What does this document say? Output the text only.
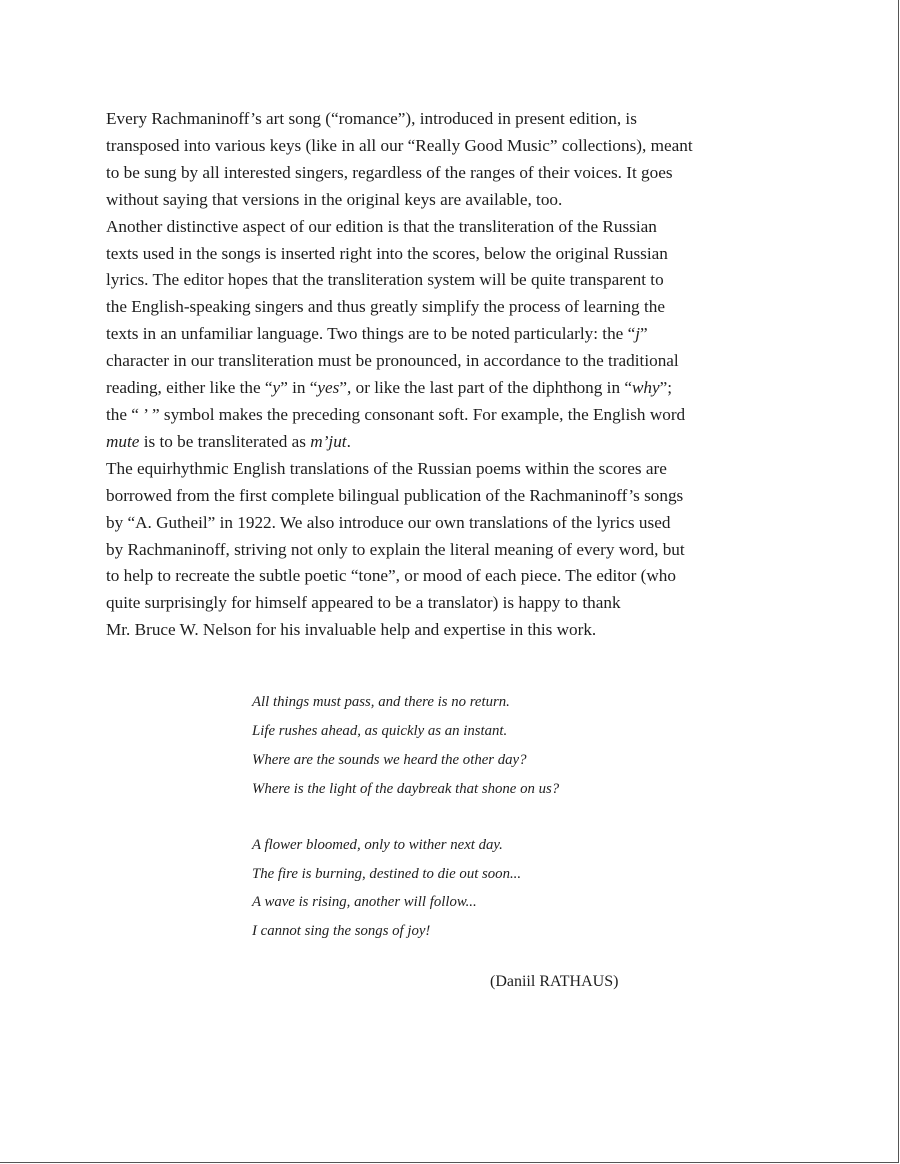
Every Rachmaninoff’s art song (“romance”), introduced in present edition, is
transposed into various keys (like in all our “Really Good Music” collections), meant
to be sung by all interested singers, regardless of the ranges of their voices. It goes
without saying that versions in the original keys are available, too.
Another distinctive aspect of our edition is that the transliteration of the Russian
texts used in the songs is inserted right into the scores, below the original Russian
lyrics. The editor hopes that the transliteration system will be quite transparent to
the English-speaking singers and thus greatly simplify the process of learning the
texts in an unfamiliar language. Two things are to be noted particularly: the “j”
character in our transliteration must be pronounced, in accordance to the traditional
reading, either like the “y” in “yes”, or like the last part of the diphthong in “why”;
the “ ’ ” symbol makes the preceding consonant soft. For example, the English word
mute is to be transliterated as m’jut.
The equirhythmic English translations of the Russian poems within the scores are
borrowed from the first complete bilingual publication of the Rachmaninoff’s songs
by “A. Gutheil” in 1922. We also introduce our own translations of the lyrics used
by Rachmaninoff, striving not only to explain the literal meaning of every word, but
to help to recreate the subtle poetic “tone”, or mood of each piece. The editor (who
quite surprisingly for himself appeared to be a translator) is happy to thank
Mr. Bruce W. Nelson for his invaluable help and expertise in this work.
All things must pass, and there is no return.
Life rushes ahead, as quickly as an instant.
Where are the sounds we heard the other day?
Where is the light of the daybreak that shone on us?
A flower bloomed, only to wither next day.
The fire is burning, destined to die out soon...
A wave is rising, another will follow...
I cannot sing the songs of joy!
(Daniil RATHAUS)
